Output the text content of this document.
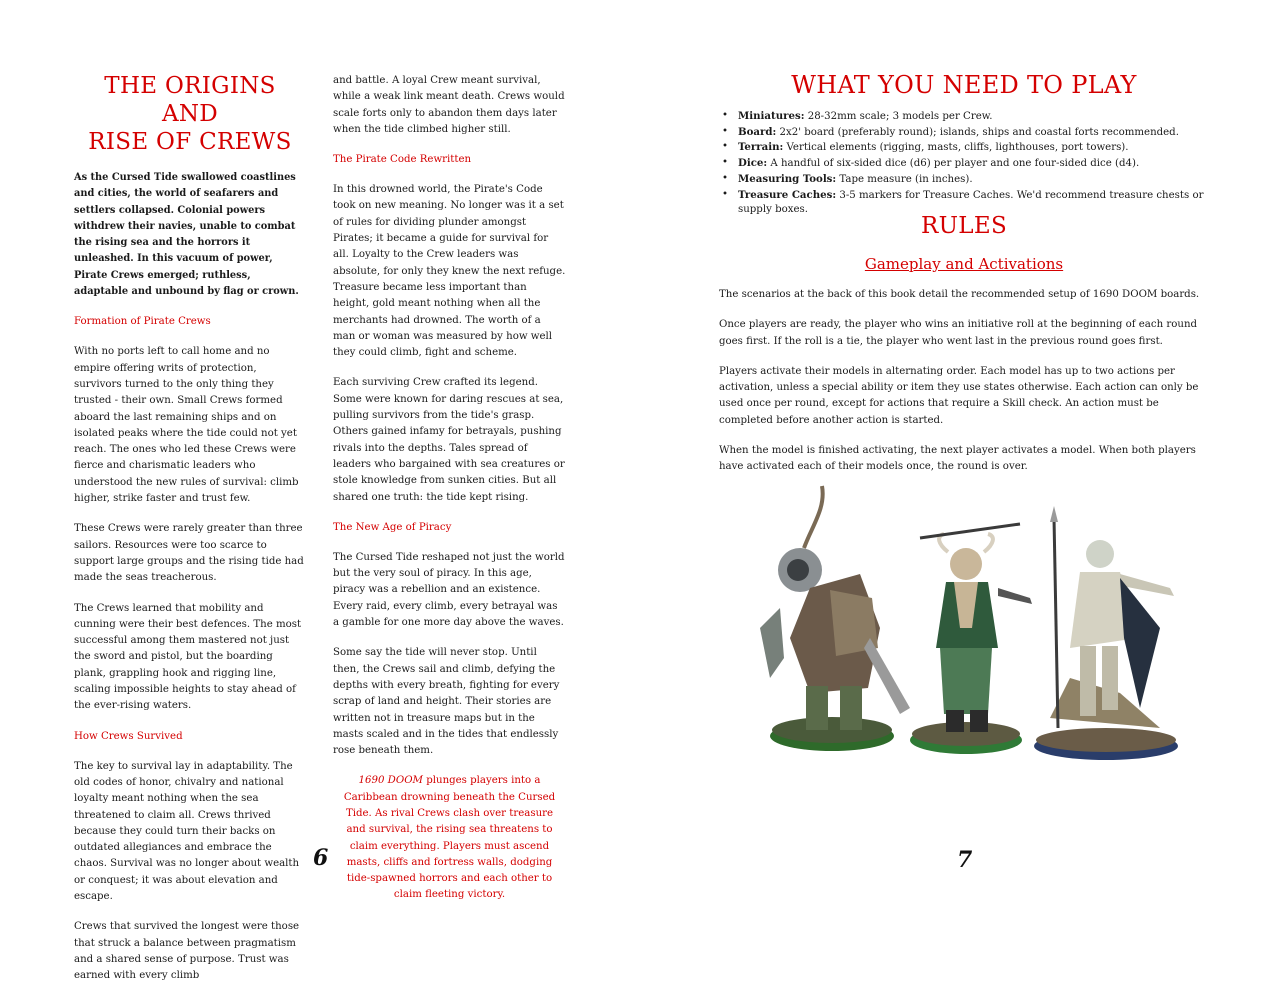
THE ORIGINS AND
RISE OF CREWS

As the Cursed Tide swallowed coastlines and cities, the world of seafarers and settlers collapsed. Colonial powers withdrew their navies, unable to combat the rising sea and the horrors it unleashed. In this vacuum of power, Pirate Crews emerged; ruthless, adaptable and unbound by flag or crown.

Formation of Pirate Crews

With no ports left to call home and no empire offering writs of protection, survivors turned to the only thing they trusted - their own. Small Crews formed aboard the last remaining ships and on isolated peaks where the tide could not yet reach. The ones who led these Crews were fierce and charismatic leaders who understood the new rules of survival: climb higher, strike faster and trust few.

These Crews were rarely greater than three sailors. Resources were too scarce to support large groups and the rising tide had made the seas treacherous.

The Crews learned that mobility and cunning were their best defences. The most successful among them mastered not just the sword and pistol, but the boarding plank, grappling hook and rigging line, scaling impossible heights to stay ahead of the ever-rising waters.

How Crews Survived

The key to survival lay in adaptability. The old codes of honor, chivalry and national loyalty meant nothing when the sea threatened to claim all. Crews thrived because they could turn their backs on outdated allegiances and embrace the chaos. Survival was no longer about wealth or conquest; it was about elevation and escape.

Crews that survived the longest were those that struck a balance between pragmatism and a shared sense of purpose. Trust was earned with every climb

and battle. A loyal Crew meant survival, while a weak link meant death. Crews would scale forts only to abandon them days later when the tide climbed higher still.

The Pirate Code Rewritten

In this drowned world, the Pirate's Code took on new meaning. No longer was it a set of rules for dividing plunder amongst Pirates; it became a guide for survival for all. Loyalty to the Crew leaders was absolute, for only they knew the next refuge. Treasure became less important than height, gold meant nothing when all the merchants had drowned. The worth of a man or woman was measured by how well they could climb, fight and scheme.

Each surviving Crew crafted its legend. Some were known for daring rescues at sea, pulling survivors from the tide's grasp. Others gained infamy for betrayals, pushing rivals into the depths. Tales spread of leaders who bargained with sea creatures or stole knowledge from sunken cities. But all shared one truth: the tide kept rising.

The New Age of Piracy

The Cursed Tide reshaped not just the world but the very soul of piracy. In this age, piracy was a rebellion and an existence. Every raid, every climb, every betrayal was a gamble for one more day above the waves.

Some say the tide will never stop. Until then, the Crews sail and climb, defying the depths with every breath, fighting for every scrap of land and height. Their stories are written not in treasure maps but in the masts scaled and in the tides that endlessly rose beneath them.

1690 DOOM plunges players into a Caribbean drowning beneath the Cursed Tide. As rival Crews clash over treasure and survival, the rising sea threatens to claim everything. Players must ascend masts, cliffs and fortress walls, dodging tide-spawned horrors and each other to claim fleeting victory.
6
WHAT YOU NEED TO PLAY
• Miniatures: 28-32mm scale; 3 models per Crew.
• Board: 2x2' board (preferably round); islands, ships and coastal forts recommended.
• Terrain: Vertical elements (rigging, masts, cliffs, lighthouses, port towers).
• Dice: A handful of six-sided dice (d6) per player and one four-sided dice (d4).
• Measuring Tools: Tape measure (in inches).
• Treasure Caches: 3-5 markers for Treasure Caches. We'd recommend treasure chests or supply boxes.
RULES
Gameplay and Activations

The scenarios at the back of this book detail the recommended setup of 1690 DOOM boards.

Once players are ready, the player who wins an initiative roll at the beginning of each round goes first. If the roll is a tie, the player who went last in the previous round goes first.

Players activate their models in alternating order. Each model has up to two actions per activation, unless a special ability or item they use states otherwise. Each action can only be used once per round, except for actions that require a Skill check. An action must be completed before another action is started.

When the model is finished activating, the next player activates a model. When both players have activated each of their models once, the round is over.

7
